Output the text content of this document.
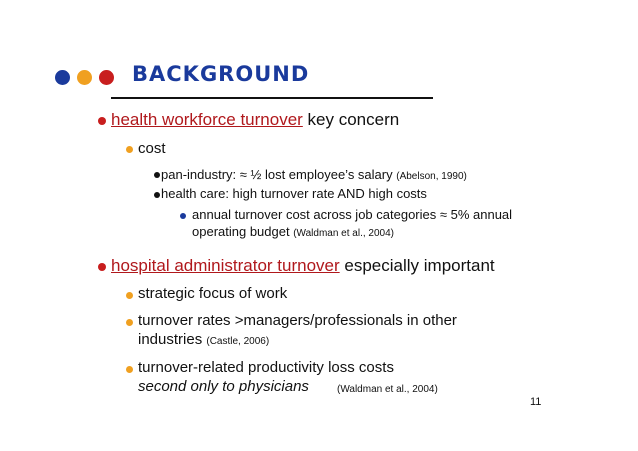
BACKGROUND
health workforce turnover key concern
cost
pan-industry: ≈ ½ lost employee’s salary (Abelson, 1990)
health care: high turnover rate AND high costs
annual turnover cost across job categories ≈ 5% annual
operating budget (Waldman et al., 2004)
hospital administrator turnover especially important
strategic focus of work
turnover rates >managers/professionals in other
industries (Castle, 2006)
turnover-related productivity loss costs
second only to physicians	(Waldman et al., 2004)
11
